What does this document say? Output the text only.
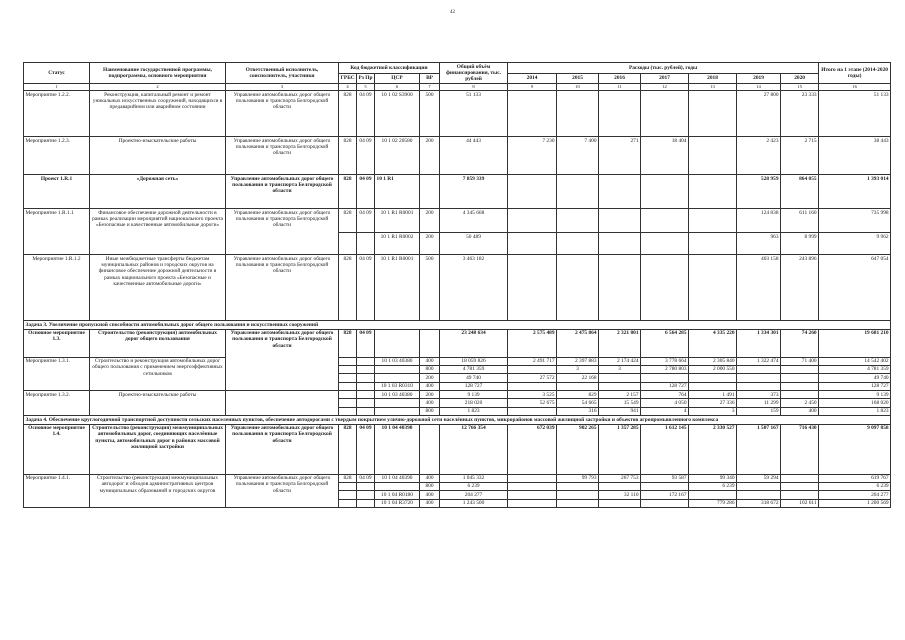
42
Статус	Наименование государственной программы, подпрограммы, основного мероприятия	Ответственный исполнитель, соисполнитель, участники	Код бюджетной классификации				Общий объём финансирования, тыс. рублей	Расходы (тыс. рублей), годы							Итого на 1 этапе (2014-2020 годы)
			ГРБС	Рз Пр	ЦСР	ВР		2014	2015	2016	2017	2018	2019	2020	
1	2	3	4	5	6	7	8	9	10	11	12	13	14	15	16
Мероприятие 1.2.2.	Реконструкция, капитальный ремонт и ремонт уникальных искусственных сооружений, находящихся в предаварийном или аварийном состоянии	Управление автомобильных дорог общего пользования и транспорта Белгородской области	828	04 09	10 1 02 S3900	500	51 133						27 800	23 333	51 133
Мероприятие 1.2.3.	Проектно-изыскательские работы	Управление автомобильных дорог общего пользования и транспорта Белгородской области	828	04 09	10 1 02 20580	200	44 443	7 230	7 400	271	18 404		2 423	2 715	38 443
Проект 1.R.1	«Дорожная сеть»	Управление автомобильных дорог общего пользования и транспорта Белгородской области	828	04 09	10 1 R1		7 859 339						528 959	864 055	1 393 014
Мероприятие 1.R.1.1	Финансовое обеспечение дорожной деятельности в рамках реализации мероприятий национального проекта «Безопасные и качественные автомобильные дороги»	Управление автомобильных дорог общего пользования и транспорта Белгородской области	828	04 09	10 1 R1 R0001	200	4 345 668						124 838	611 160	735 998
					10 1 R1 R0002	200	50 489						963	8 999	9 962
Мероприятие 1.R.1.2	Иные межбюджетные трансферты бюджетам муниципальных районов и городских округов на финансовое обеспечение дорожной деятельности в рамках национального проекта «Безопасные и качественные автомобильные дороги»	Управление автомобильных дорог общего пользования и транспорта Белгородской области	828	04 09	10 1 R1 R0001	500	3 463 182						403 158	243 896	647 054
Задача 3. Увеличение пропускной способности автомобильных дорог общего пользования и искусственных сооружений															
Основное мероприятие 1.3.	Строительство (реконструкция) автомобильных дорог общего пользования	Управление автомобильных дорог общего пользования и транспорта Белгородской области	828	04 09			23 248 634	2 575 489	2 475 864	2 321 801	6 564 285	4 335 220	1 334 301	74 260	19 681 210
Мероприятие 1.3.1.	Строительство и реконструкция автомобильных дорог общего пользования с применением энергоэффективных сетильников				10 1 03 40380	400	18 059 826	2 491 717	2 397 883	2 174 424	3 778 664	2 305 840	1 322 474	71 400	14 542 402
						800	4 781 359		3	3	2 780 803	2 000 550			4 781 359
						200	49 740	27 572	22 168						49 740
					10 1 03 R0310	400	128 727				128 727				128 727
Мероприятие 1.3.2.	Проектно-изыскательские работы				10 1 03 40380	200	9 139	3 525	829	2 157	764	1 491	373		9 139
						400	218 020	52 675	54 665	15 549	4 050	27 336	11 299	2 450	168 020
						800	1 823		316	941	4	3	159	400	1 823
Задача 4. Обеспечение круглогодичной транспортной доступности сельских населенных пунктов, обеспечение автодорогами с твердым покрытием улично-дорожной сети населённых пунктов, микрорайонов массовой жилищной застройки и объектов агропромышленного комплекса															
Основное мероприятие 1.4.	Строительство (реконструкция) межмуниципальных автомобильных дорог, соединяющих населённые пункты, автомобильных дорог в районах массовой жилищной застройки	Управление автомобильных дорог общего пользования и транспорта Белгородской области	828	04 09	10 1 04 40390		12 766 354	672 039	902 265	1 357 285	1 612 145	2 330 527	1 507 167	716 430	9 097 858
Мероприятие 1.4.1.	Строительство (реконструкция) межмуниципальных автодорог и обходов административных центров муниципальных образований и городских округов	Управление автомобильных дорог общего пользования и транспорта Белгородской области	828	04 09	10 1 04 40390	400	1 045 332		99 793	267 753	93 587	99 340	59 294		619 767
						800	6 239					6 239			6 239
					10 1 04 R0180	400	204 277			32 110	172 167				204 277
					10 1 04 R3720	400	1 243 500					779 286	318 672	102 611	1 200 569
